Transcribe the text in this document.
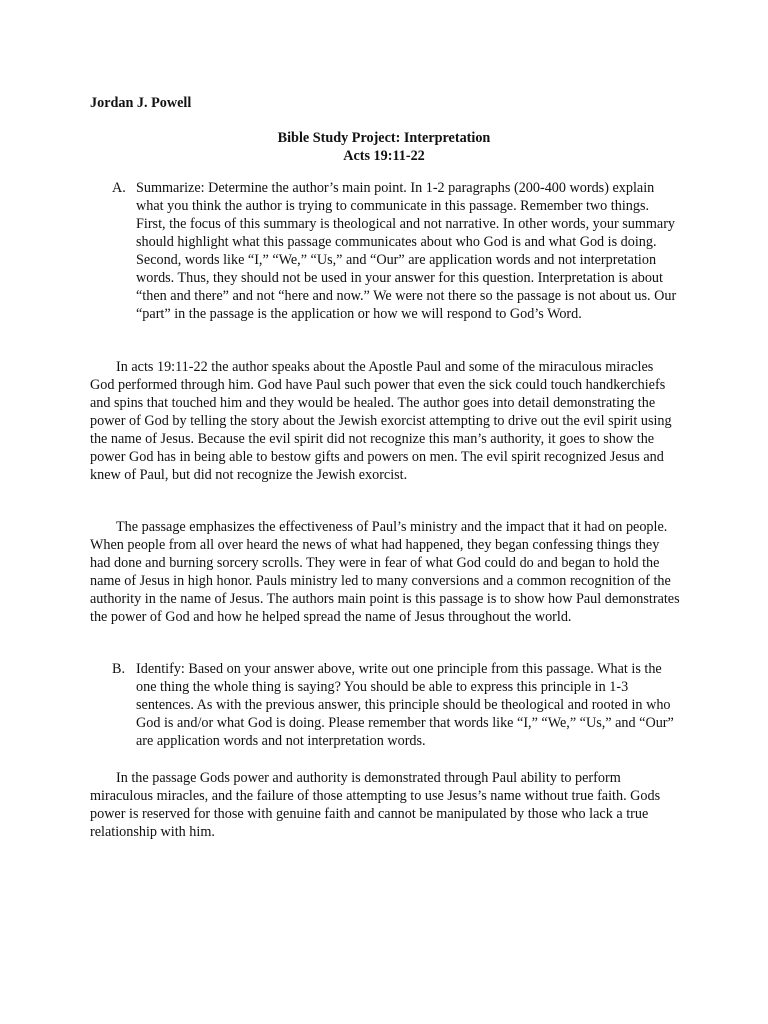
Jordan J. Powell
Bible Study Project: Interpretation
Acts 19:11-22
A. Summarize: Determine the author’s main point. In 1-2 paragraphs (200-400 words) explain what you think the author is trying to communicate in this passage. Remember two things. First, the focus of this summary is theological and not narrative. In other words, your summary should highlight what this passage communicates about who God is and what God is doing. Second, words like “I,” “We,” “Us,” and “Our” are application words and not interpretation words. Thus, they should not be used in your answer for this question. Interpretation is about “then and there” and not “here and now.” We were not there so the passage is not about us. Our “part” in the passage is the application or how we will respond to God’s Word.

In acts 19:11-22 the author speaks about the Apostle Paul and some of the miraculous miracles God performed through him. God have Paul such power that even the sick could touch handkerchiefs and spins that touched him and they would be healed. The author goes into detail demonstrating the power of God by telling the story about the Jewish exorcist attempting to drive out the evil spirit using the name of Jesus. Because the evil spirit did not recognize this man’s authority, it goes to show the power God has in being able to bestow gifts and powers on men. The evil spirit recognized Jesus and knew of Paul, but did not recognize the Jewish exorcist.

The passage emphasizes the effectiveness of Paul’s ministry and the impact that it had on people. When people from all over heard the news of what had happened, they began confessing things they had done and burning sorcery scrolls. They were in fear of what God could do and began to hold the name of Jesus in high honor. Pauls ministry led to many conversions and a common recognition of the authority in the name of Jesus. The authors main point is this passage is to show how Paul demonstrates the power of God and how he helped spread the name of Jesus throughout the world.

B. Identify: Based on your answer above, write out one principle from this passage. What is the one thing the whole thing is saying? You should be able to express this principle in 1-3 sentences. As with the previous answer, this principle should be theological and rooted in who God is and/or what God is doing. Please remember that words like “I,” “We,” “Us,” and “Our” are application words and not interpretation words.

In the passage Gods power and authority is demonstrated through Paul ability to perform miraculous miracles, and the failure of those attempting to use Jesus’s name without true faith. Gods power is reserved for those with genuine faith and cannot be manipulated by those who lack a true relationship with him.
